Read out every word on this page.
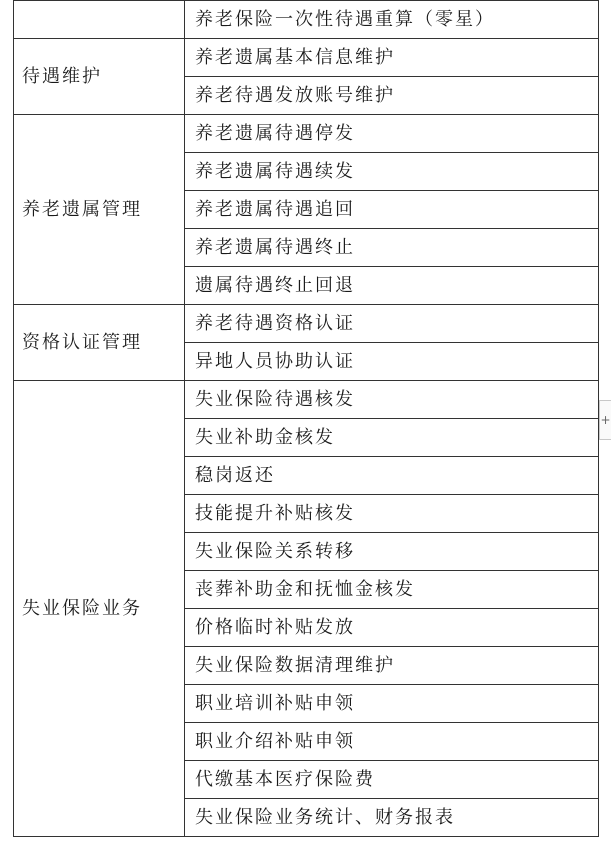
	养老保险一次性待遇重算（零星）
待遇维护	养老遗属基本信息维护
	养老待遇发放账号维护
养老遗属管理	养老遗属待遇停发
	养老遗属待遇续发
	养老遗属待遇追回
	养老遗属待遇终止
	遗属待遇终止回退
资格认证管理	养老待遇资格认证
	异地人员协助认证
失业保险业务	失业保险待遇核发
	失业补助金核发
	稳岗返还
	技能提升补贴核发
	失业保险关系转移
	丧葬补助金和抚恤金核发
	价格临时补贴发放
	失业保险数据清理维护
	职业培训补贴申领
	职业介绍补贴申领
	代缴基本医疗保险费
	失业保险业务统计、财务报表
+
